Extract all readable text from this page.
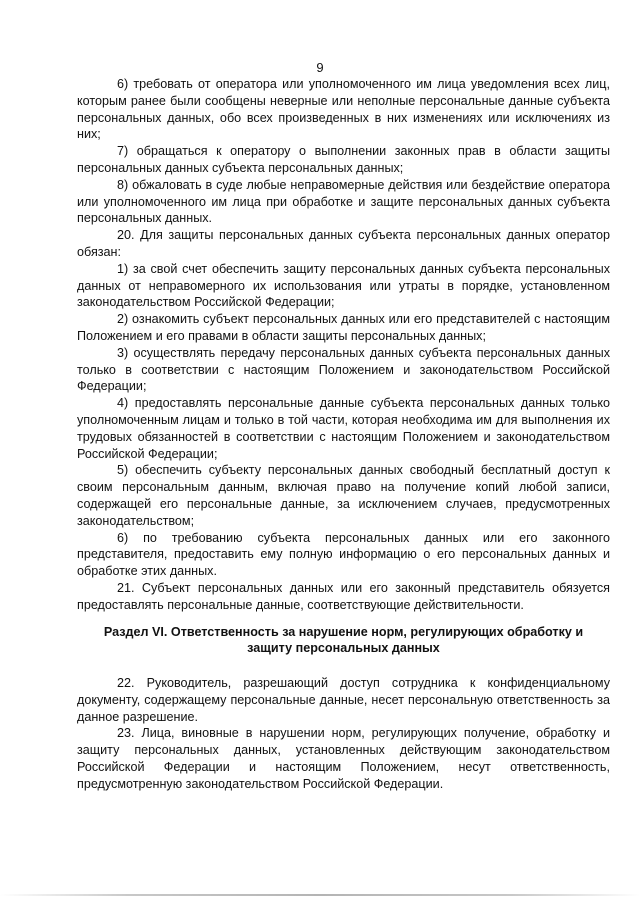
9

6) требовать от оператора или уполномоченного им лица уведомления всех лиц, которым ранее были сообщены неверные или неполные персональные данные субъекта персональных данных, обо всех произведенных в них изменениях или исключениях из них;

7) обращаться к оператору о выполнении законных прав в области защиты персональных данных субъекта персональных данных;

8) обжаловать в суде любые неправомерные действия или бездействие оператора или уполномоченного им лица при обработке и защите персональных данных субъекта персональных данных.

20. Для защиты персональных данных субъекта персональных данных оператор обязан:

1) за свой счет обеспечить защиту персональных данных субъекта персональных данных от неправомерного их использования или утраты в порядке, установленном законодательством Российской Федерации;

2) ознакомить субъект персональных данных или его представителей с настоящим Положением и его правами в области защиты персональных данных;

3) осуществлять передачу персональных данных субъекта персональных данных только в соответствии с настоящим Положением и законодательством Российской Федерации;

4) предоставлять персональные данные субъекта персональных данных только уполномоченным лицам и только в той части, которая необходима им для выполнения их трудовых обязанностей в соответствии с настоящим Положением и законодательством Российской Федерации;

5) обеспечить субъекту персональных данных свободный бесплатный доступ к своим персональным данным, включая право на получение копий любой записи, содержащей его персональные данные, за исключением случаев, предусмотренных законодательством;

6) по требованию субъекта персональных данных или его законного представителя, предоставить ему полную информацию о его персональных данных и обработке этих данных.

21. Субъект персональных данных или его законный представитель обязуется предоставлять персональные данные, соответствующие действительности.

Раздел VI. Ответственность за нарушение норм, регулирующих обработку и защиту персональных данных

22. Руководитель, разрешающий доступ сотрудника к конфиденциальному документу, содержащему персональные данные, несет персональную ответственность за данное разрешение.

23. Лица, виновные в нарушении норм, регулирующих получение, обработку и защиту персональных данных, установленных действующим законодательством Российской Федерации и настоящим Положением, несут ответственность, предусмотренную законодательством Российской Федерации.
